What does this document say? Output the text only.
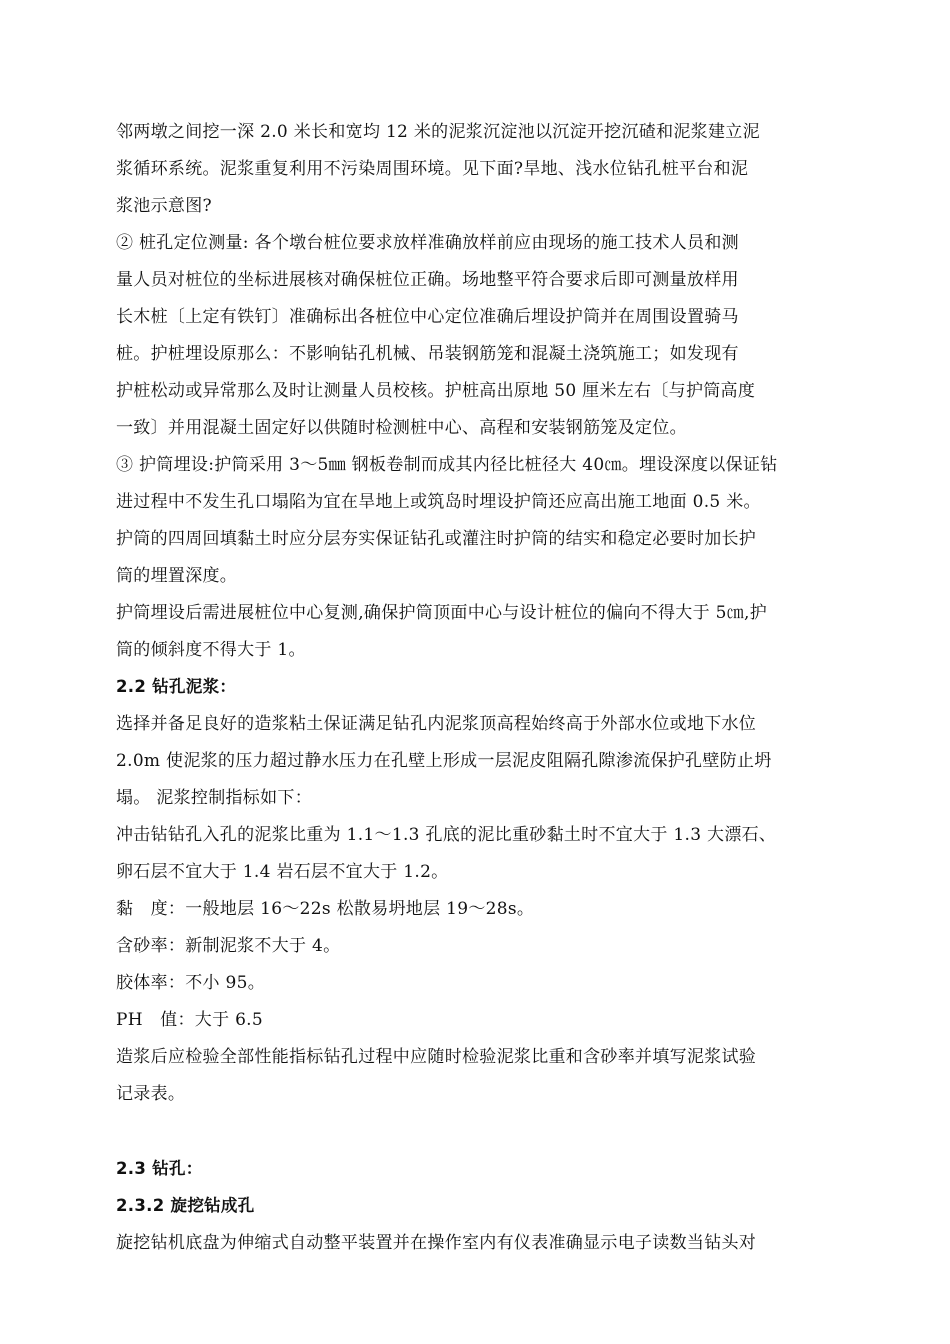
邻两墩之间挖一深 2.0 米长和宽均 12 米的泥浆沉淀池以沉淀开挖沉碴和泥浆建立泥
浆循环系统。泥浆重复利用不污染周围环境。见下面?旱地、浅水位钻孔桩平台和泥
浆池示意图?
② 桩孔定位测量: 各个墩台桩位要求放样准确放样前应由现场的施工技术人员和测
量人员对桩位的坐标进展核对确保桩位正确。场地整平符合要求后即可测量放样用
长木桩〔上定有铁钉〕准确标出各桩位中心定位准确后埋设护筒并在周围设置骑马
桩。护桩埋设原那么：不影响钻孔机械、吊装钢筋笼和混凝土浇筑施工；如发现有
护桩松动或异常那么及时让测量人员校核。护桩高出原地 50 厘米左右〔与护筒高度
一致〕并用混凝土固定好以供随时检测桩中心、高程和安装钢筋笼及定位。
③ 护筒埋设:护筒采用 3～5㎜ 钢板卷制而成其内径比桩径大 40㎝。埋设深度以保证钻
进过程中不发生孔口塌陷为宜在旱地上或筑岛时埋设护筒还应高出施工地面 0.5 米。
护筒的四周回填黏土时应分层夯实保证钻孔或灌注时护筒的结实和稳定必要时加长护
筒的埋置深度。
护筒埋设后需进展桩位中心复测,确保护筒顶面中心与设计桩位的偏向不得大于 5㎝,护
筒的倾斜度不得大于 1。
2.2 钻孔泥浆：
选择并备足良好的造浆粘土保证满足钻孔内泥浆顶高程始终高于外部水位或地下水位
2.0m 使泥浆的压力超过静水压力在孔壁上形成一层泥皮阻隔孔隙渗流保护孔壁防止坍
塌。 泥浆控制指标如下：
冲击钻钻孔入孔的泥浆比重为 1.1～1.3 孔底的泥比重砂黏土时不宜大于 1.3 大漂石、
卵石层不宜大于 1.4 岩石层不宜大于 1.2。
黏　度：一般地层 16～22s 松散易坍地层 19～28s。
含砂率：新制泥浆不大于 4。
胶体率：不小 95。
PH　值：大于 6.5
造浆后应检验全部性能指标钻孔过程中应随时检验泥浆比重和含砂率并填写泥浆试验
记录表。
2.3 钻孔：
2.3.2 旋挖钻成孔
旋挖钻机底盘为伸缩式自动整平装置并在操作室内有仪表准确显示电子读数当钻头对
